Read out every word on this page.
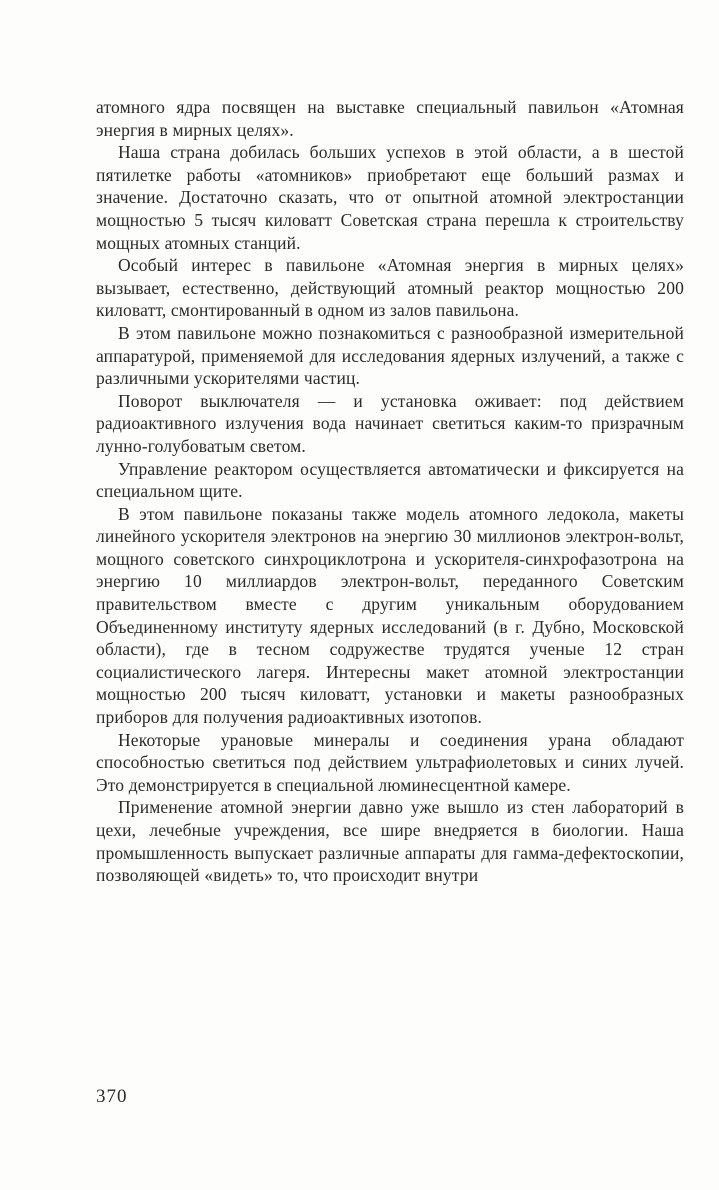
атомного ядра посвящен на выставке специальный павильон «Атомная энергия в мирных целях».

Наша страна добилась больших успехов в этой области, а в шестой пятилетке работы «атомников» приобретают еще больший размах и значение. Достаточно сказать, что от опытной атомной электростанции мощностью 5 тысяч киловатт Советская страна перешла к строительству мощных атомных станций.

Особый интерес в павильоне «Атомная энергия в мирных целях» вызывает, естественно, действующий атомный реактор мощностью 200 киловатт, смонтированный в одном из залов павильона.

В этом павильоне можно познакомиться с разнообразной измерительной аппаратурой, применяемой для исследования ядерных излучений, а также с различными ускорителями частиц.

Поворот выключателя — и установка оживает: под действием радиоактивного излучения вода начинает светиться каким-то призрачным лунно-голубоватым светом.

Управление реактором осуществляется автоматически и фиксируется на специальном щите.

В этом павильоне показаны также модель атомного ледокола, макеты линейного ускорителя электронов на энергию 30 миллионов электрон-вольт, мощного советского синхроциклотрона и ускорителя-синхрофазотрона на энергию 10 миллиардов электрон-вольт, переданного Советским правительством вместе с другим уникальным оборудованием Объединенному институту ядерных исследований (в г. Дубно, Московской области), где в тесном содружестве трудятся ученые 12 стран социалистического лагеря. Интересны макет атомной электростанции мощностью 200 тысяч киловатт, установки и макеты разнообразных приборов для получения радиоактивных изотопов.

Некоторые урановые минералы и соединения урана обладают способностью светиться под действием ультрафиолетовых и синих лучей. Это демонстрируется в специальной люминесцентной камере.

Применение атомной энергии давно уже вышло из стен лабораторий в цехи, лечебные учреждения, все шире внедряется в биологии. Наша промышленность выпускает различные аппараты для гамма-дефектоскопии, позволяющей «видеть» то, что происходит внутри

370
